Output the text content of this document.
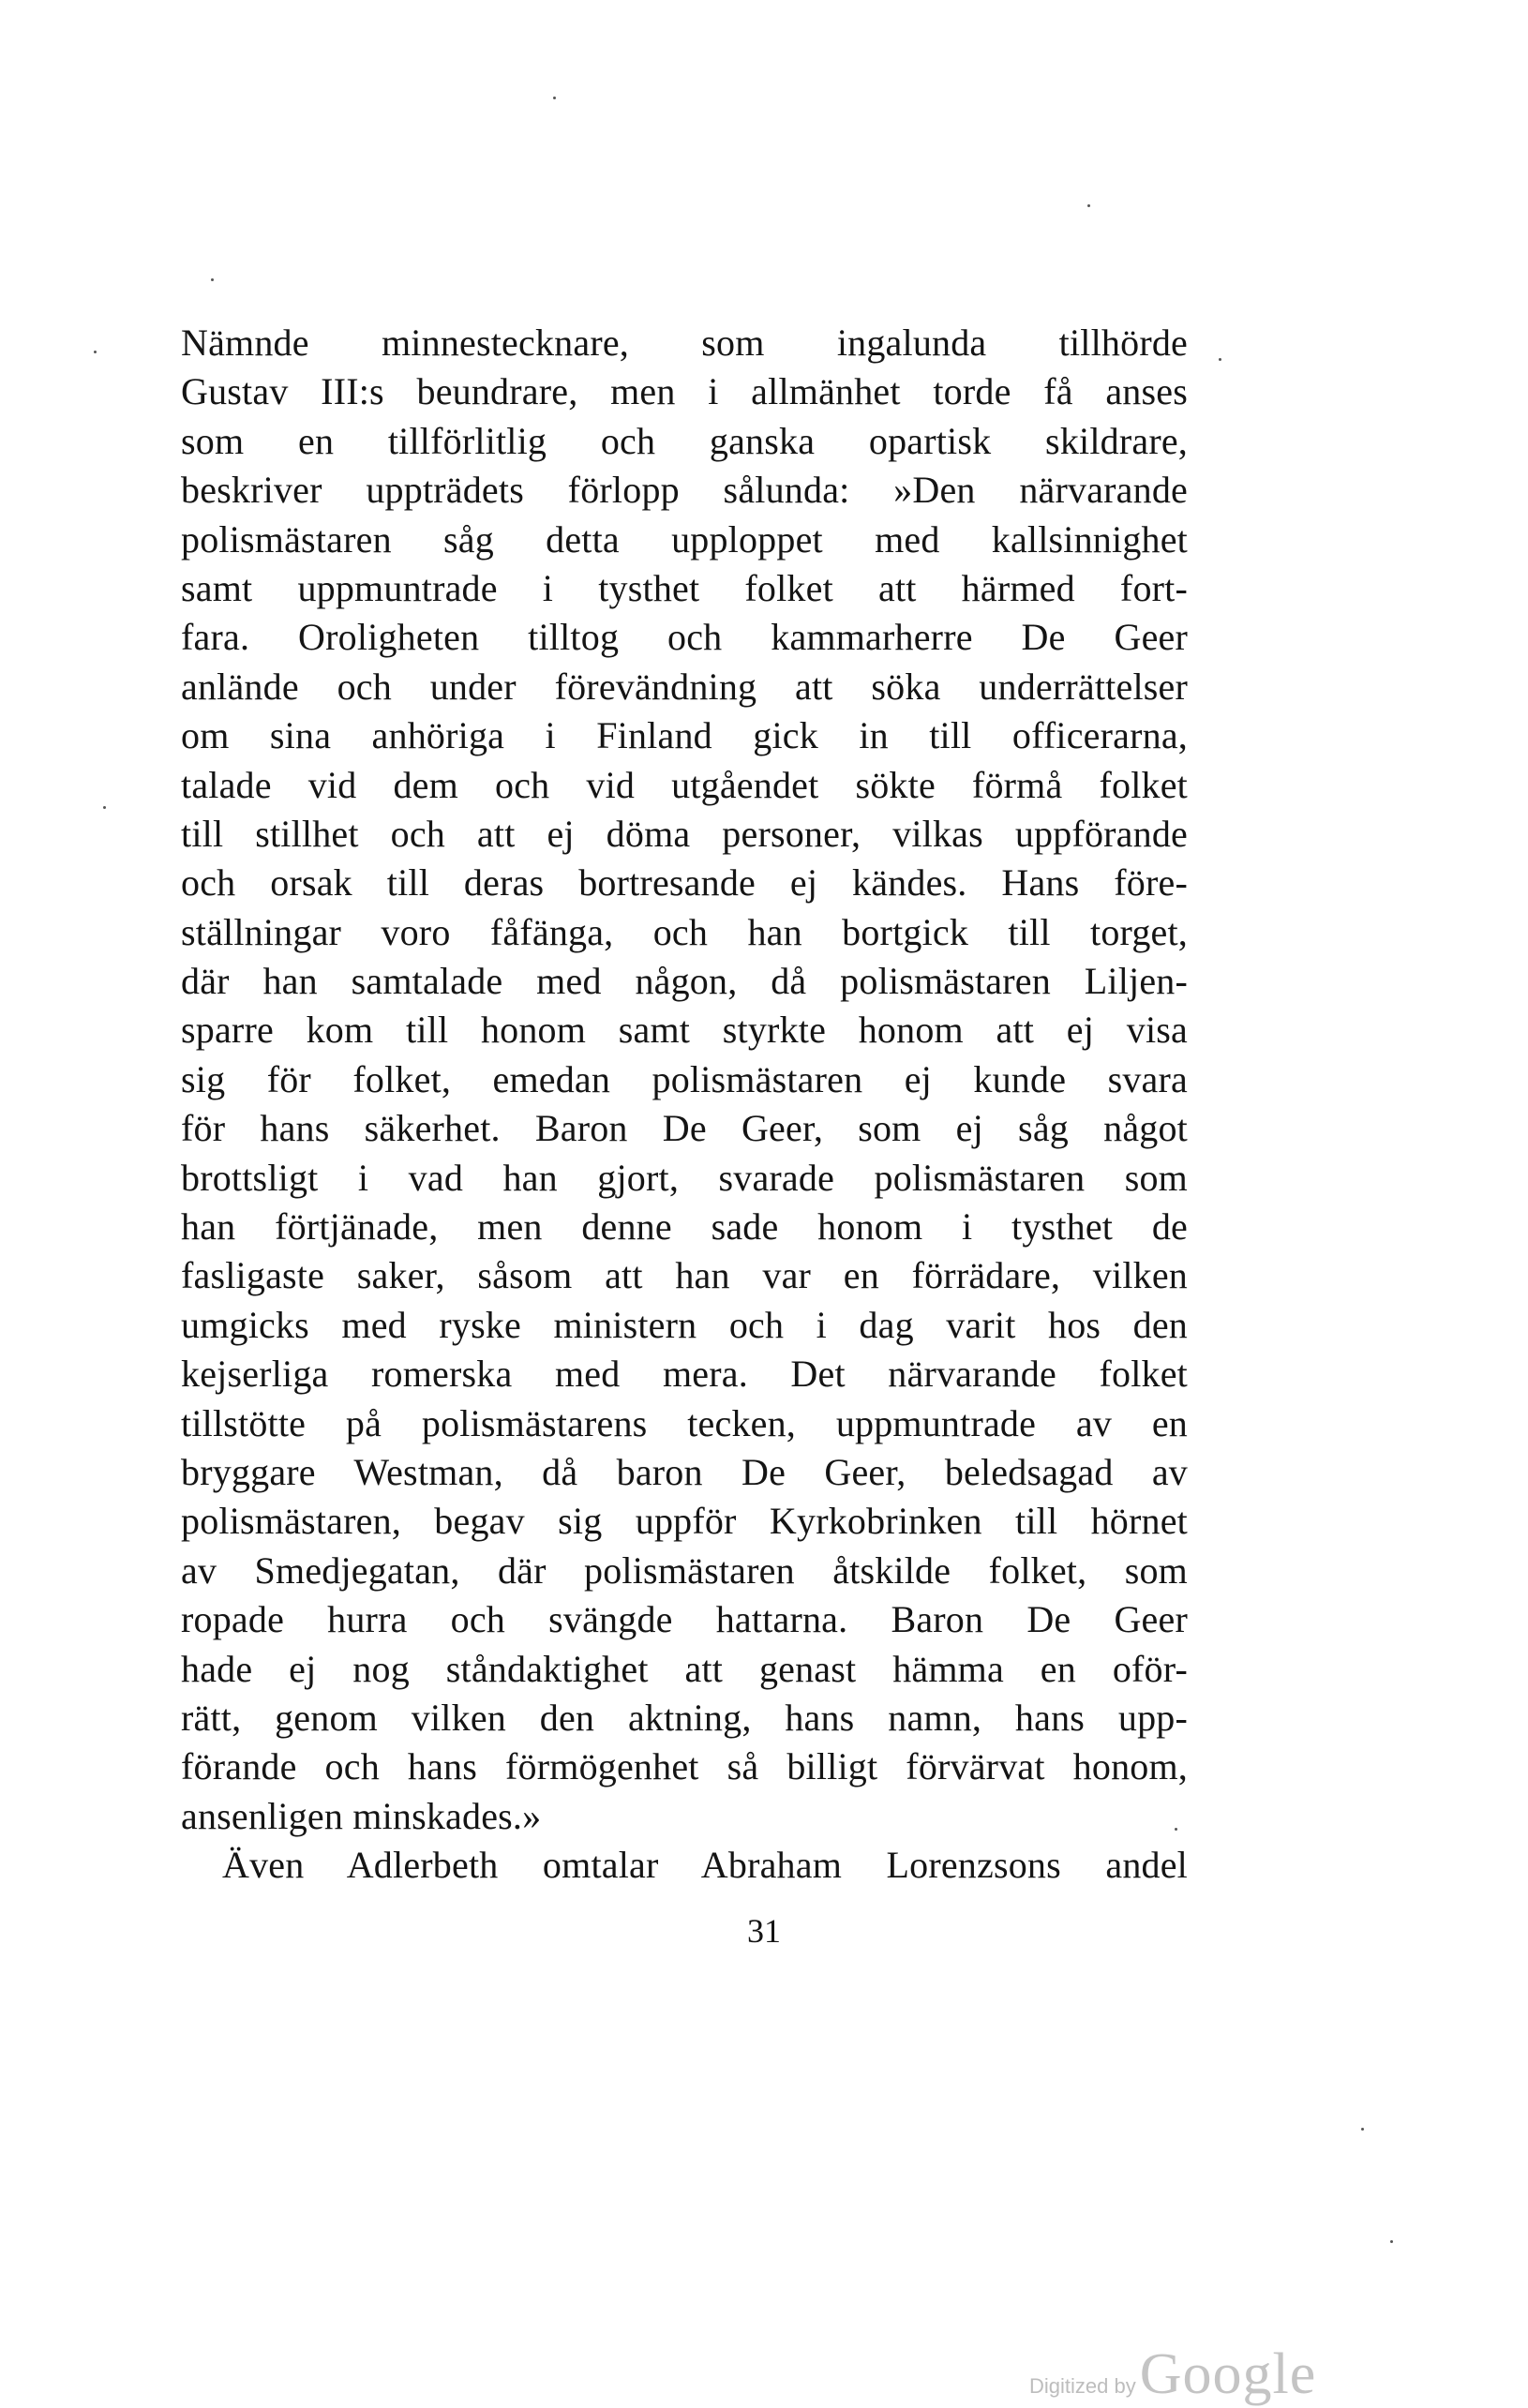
Nämnde minnestecknare, som ingalunda tillhörde
Gustav III:s beundrare, men i allmänhet torde få anses
som en tillförlitlig och ganska opartisk skildrare,
beskriver uppträdets förlopp sålunda: »Den närvarande
polismästaren såg detta upploppet med kallsinnighet
samt uppmuntrade i tysthet folket att härmed fort-
fara. Oroligheten tilltog och kammarherre De Geer
anlände och under förevändning att söka underrättelser
om sina anhöriga i Finland gick in till officerarna,
talade vid dem och vid utgåendet sökte förmå folket
till stillhet och att ej döma personer, vilkas uppförande
och orsak till deras bortresande ej kändes. Hans före-
ställningar voro fåfänga, och han bortgick till torget,
där han samtalade med någon, då polismästaren Liljen-
sparre kom till honom samt styrkte honom att ej visa
sig för folket, emedan polismästaren ej kunde svara
för hans säkerhet. Baron De Geer, som ej såg något
brottsligt i vad han gjort, svarade polismästaren som
han förtjänade, men denne sade honom i tysthet de
fasligaste saker, såsom att han var en förrädare, vilken
umgicks med ryske ministern och i dag varit hos den
kejserliga romerska med mera. Det närvarande folket
tillstötte på polismästarens tecken, uppmuntrade av en
bryggare Westman, då baron De Geer, beledsagad av
polismästaren, begav sig uppför Kyrkobrinken till hörnet
av Smedjegatan, där polismästaren åtskilde folket, som
ropade hurra och svängde hattarna. Baron De Geer
hade ej nog ståndaktighet att genast hämma en oför-
rätt, genom vilken den aktning, hans namn, hans upp-
förande och hans förmögenhet så billigt förvärvat honom,
ansenligen minskades.»
Även Adlerbeth omtalar Abraham Lorenzsons andel
31
Digitized by Google
